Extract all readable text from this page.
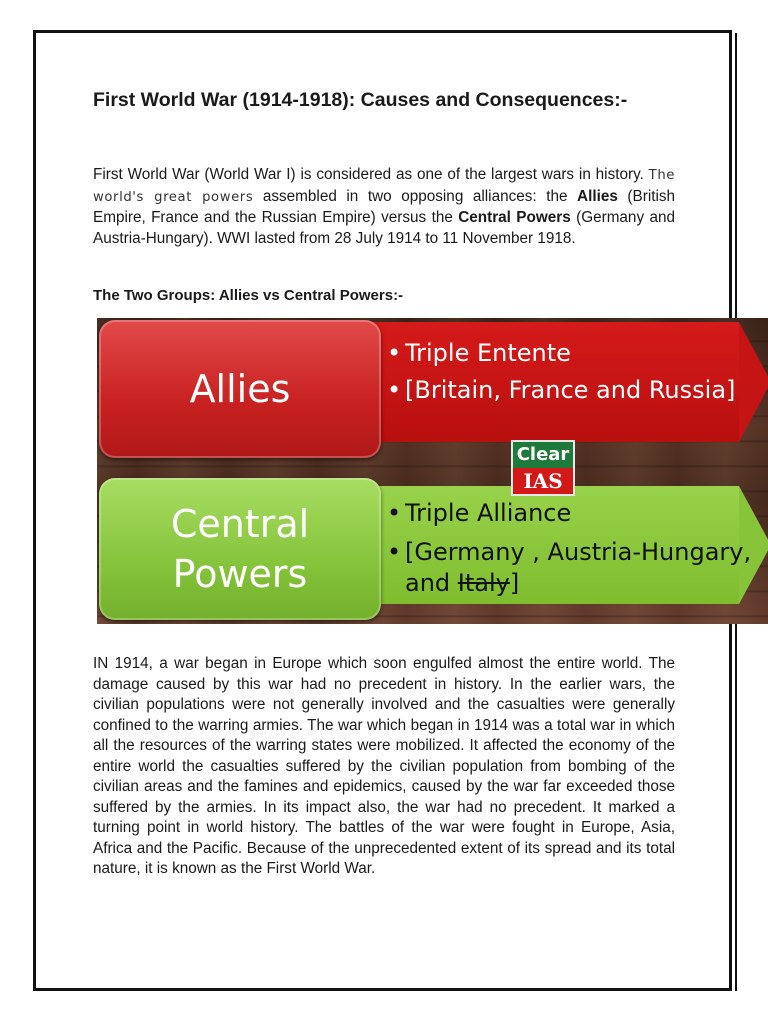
First World War (1914-1918): Causes and Consequences:-

First World War (World War I) is considered as one of the largest wars in history. The world's great powers assembled in two opposing alliances: the Allies (British Empire, France and the Russian Empire) versus the Central Powers (Germany and Austria-Hungary). WWI lasted from 28 July 1914 to 11 November 1918.

The Two Groups: Allies vs Central Powers:-
Allies
Central
Powers
• Triple Entente
• [Britain, France and Russia]
• Triple Alliance
• [Germany , Austria-Hungary, and Italy]
Clear
IAS

IN 1914, a war began in Europe which soon engulfed almost the entire world. The damage caused by this war had no precedent in history. In the earlier wars, the civilian populations were not generally involved and the casualties were generally confined to the warring armies. The war which began in 1914 was a total war in which all the resources of the warring states were mobilized. It affected the economy of the entire world the casualties suffered by the civilian population from bombing of the civilian areas and the famines and epidemics, caused by the war far exceeded those suffered by the armies. In its impact also, the war had no precedent. It marked a turning point in world history. The battles of the war were fought in Europe, Asia, Africa and the Pacific. Because of the unprecedented extent of its spread and its total nature, it is known as the First World War.
